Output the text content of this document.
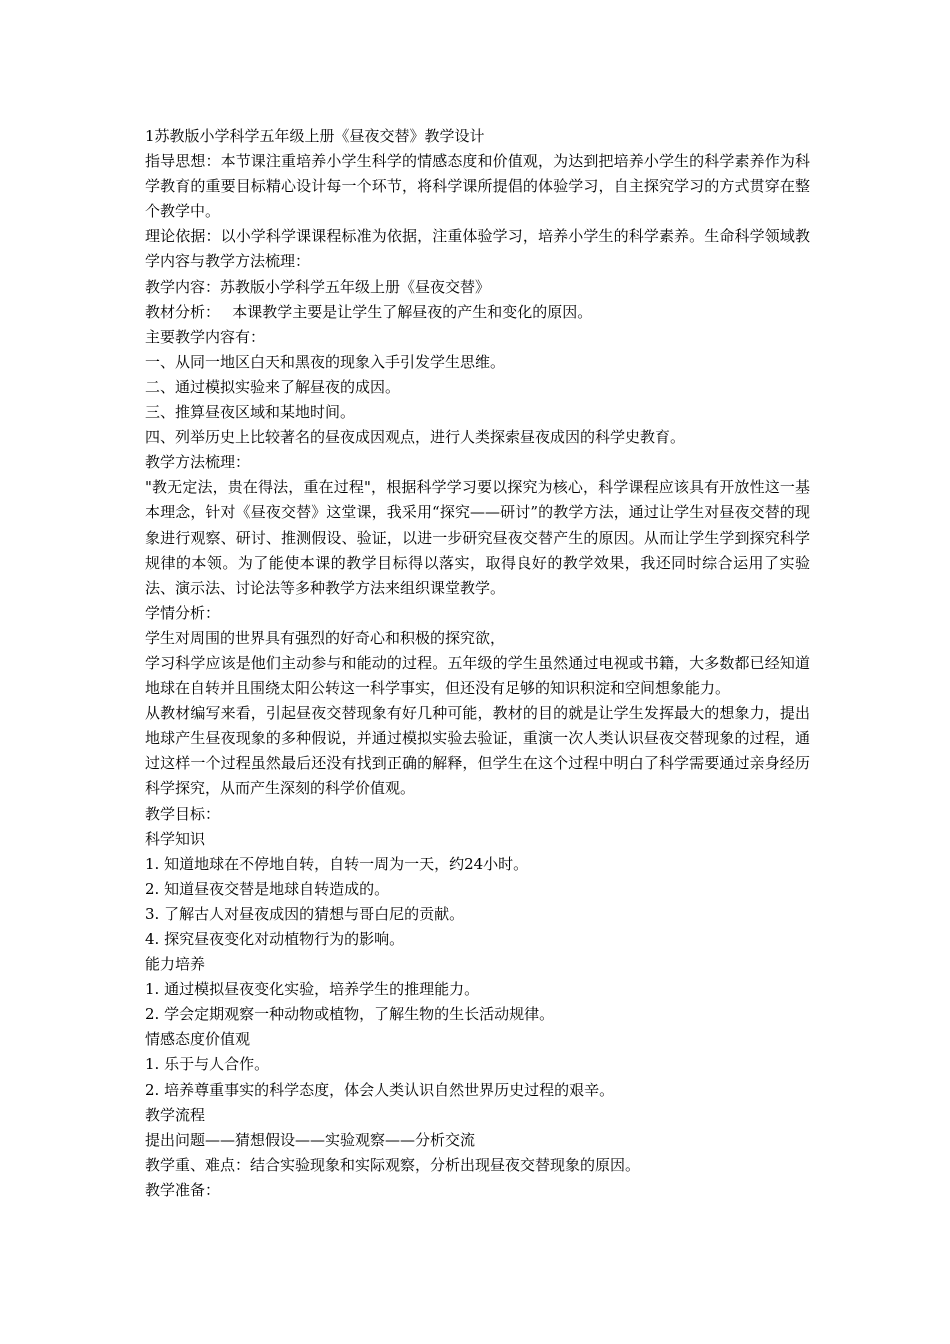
1苏教版小学科学五年级上册《昼夜交替》教学设计

指导思想：本节课注重培养小学生科学的情感态度和价值观，为达到把培养小学生的科学素养作为科学教育的重要目标精心设计每一个环节，将科学课所提倡的体验学习，自主探究学习的方式贯穿在整个教学中。

理论依据：以小学科学课课程标准为依据，注重体验学习，培养小学生的科学素养。生命科学领域教学内容与教学方法梳理：

教学内容：苏教版小学科学五年级上册《昼夜交替》

教材分析：　 本课教学主要是让学生了解昼夜的产生和变化的原因。

主要教学内容有：

一、从同一地区白天和黑夜的现象入手引发学生思维。

二、通过模拟实验来了解昼夜的成因。

三、推算昼夜区域和某地时间。

四、列举历史上比较著名的昼夜成因观点，进行人类探索昼夜成因的科学史教育。

教学方法梳理：

"教无定法，贵在得法，重在过程"，根据科学学习要以探究为核心，科学课程应该具有开放性这一基本理念，针对《昼夜交替》这堂课，我采用“探究——研讨”的教学方法，通过让学生对昼夜交替的现象进行观察、研讨、推测假设、验证，以进一步研究昼夜交替产生的原因。从而让学生学到探究科学规律的本领。为了能使本课的教学目标得以落实，取得良好的教学效果，我还同时综合运用了实验法、演示法、讨论法等多种教学方法来组织课堂教学。

学情分析：

学生对周围的世界具有强烈的好奇心和积极的探究欲，

学习科学应该是他们主动参与和能动的过程。五年级的学生虽然通过电视或书籍，大多数都已经知道地球在自转并且围绕太阳公转这一科学事实，但还没有足够的知识积淀和空间想象能力。

从教材编写来看，引起昼夜交替现象有好几种可能，教材的目的就是让学生发挥最大的想象力，提出地球产生昼夜现象的多种假说，并通过模拟实验去验证，重演一次人类认识昼夜交替现象的过程，通过这样一个过程虽然最后还没有找到正确的解释，但学生在这个过程中明白了科学需要通过亲身经历科学探究，从而产生深刻的科学价值观。

教学目标：

科学知识

1. 知道地球在不停地自转，自转一周为一天，约24小时。

2. 知道昼夜交替是地球自转造成的。

3. 了解古人对昼夜成因的猜想与哥白尼的贡献。

4. 探究昼夜变化对动植物行为的影响。

能力培养

1. 通过模拟昼夜变化实验，培养学生的推理能力。

2. 学会定期观察一种动物或植物，了解生物的生长活动规律。

情感态度价值观

1. 乐于与人合作。

2. 培养尊重事实的科学态度，体会人类认识自然世界历史过程的艰辛。

教学流程

提出问题——猜想假设——实验观察——分析交流

教学重、难点：结合实验现象和实际观察，分析出现昼夜交替现象的原因。

教学准备：
